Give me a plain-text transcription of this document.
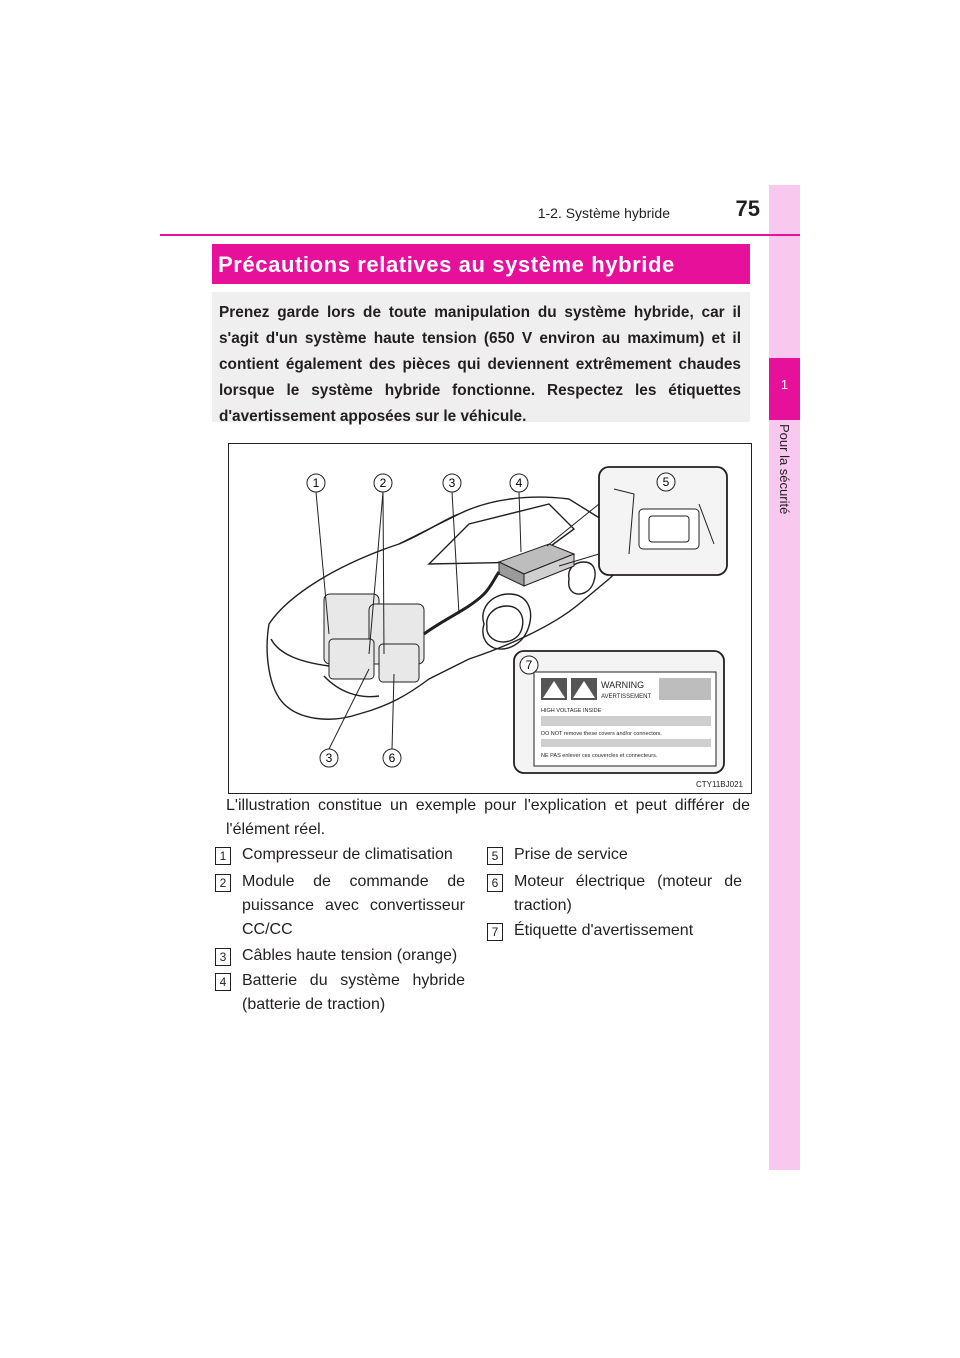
1
Pour la sécurité
1-2. Système hybride	75
Précautions relatives au système hybride
Prenez garde lors de toute manipulation du système hybride, car il s'agit d'un système haute tension (650 V environ au maximum) et il contient également des pièces qui deviennent extrêmement chaudes lorsque le système hybride fonctionne. Respectez les étiquettes d'avertissement apposées sur le véhicule.
WARNING
AVERTISSEMENT
HIGH VOLTAGE INSIDE
DO NOT remove these covers and/or connectors.
NE PAS enlever ces couvercles et connecteurs.
1	2	3	4	5
7
3	6
CTY11BJ021
L'illustration constitue un exemple pour l'explication et peut différer de l'élément réel.
1 Compresseur de climatisation
2 Module de commande de puissance avec convertisseur CC/CC
3 Câbles haute tension (orange)
4 Batterie du système hybride (batterie de traction)
5 Prise de service
6 Moteur électrique (moteur de traction)
7 Étiquette d'avertissement
